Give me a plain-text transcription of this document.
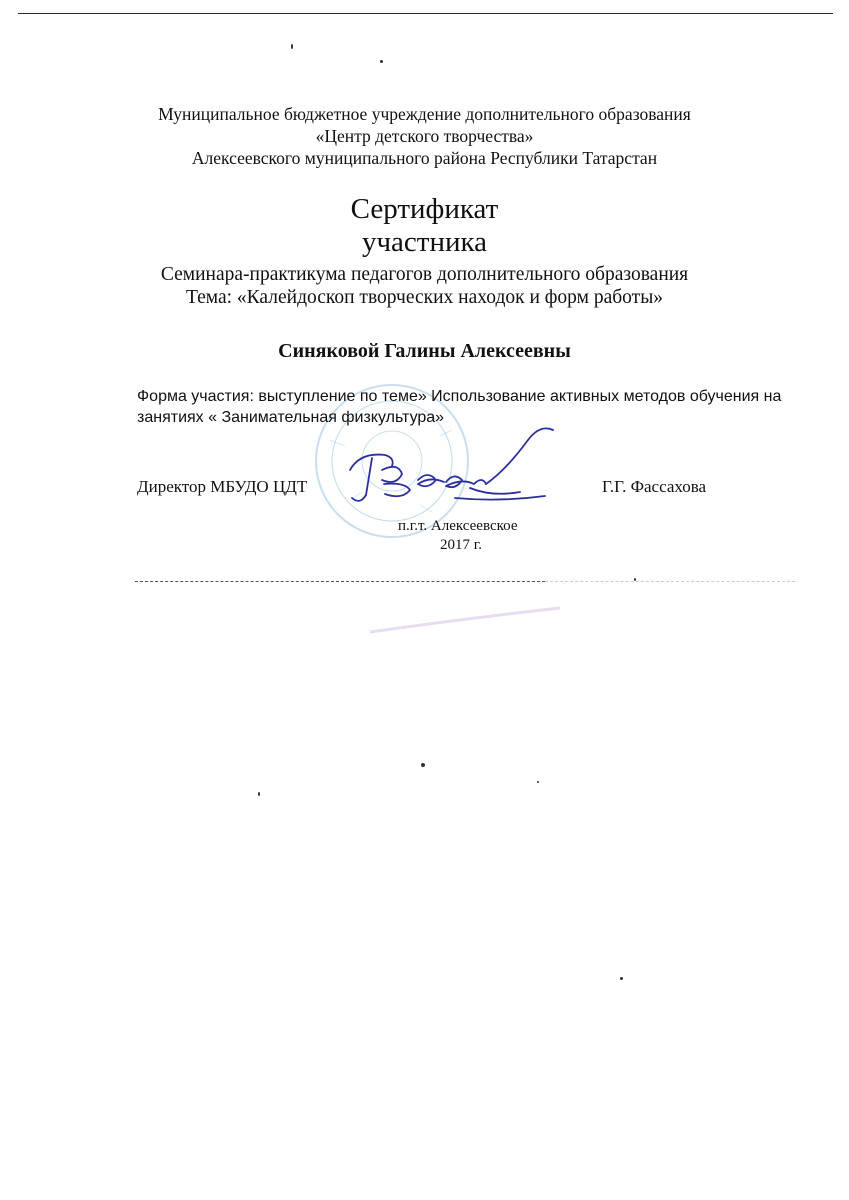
Муниципальное бюджетное учреждение дополнительного образования
«Центр детского творчества»
Алексеевского муниципального района Республики Татарстан
Сертификат
участника
Семинара-практикума педагогов дополнительного образования
Тема: «Калейдоскоп творческих находок и форм работы»
Синяковой Галины Алексеевны
Форма участия: выступление по теме» Использование активных методов обучения на занятиях « Занимательная физкультура»
Директор МБУДО ЦДТ	Г.Г. Фассахова
п.г.т. Алексеевское
2017 г.
